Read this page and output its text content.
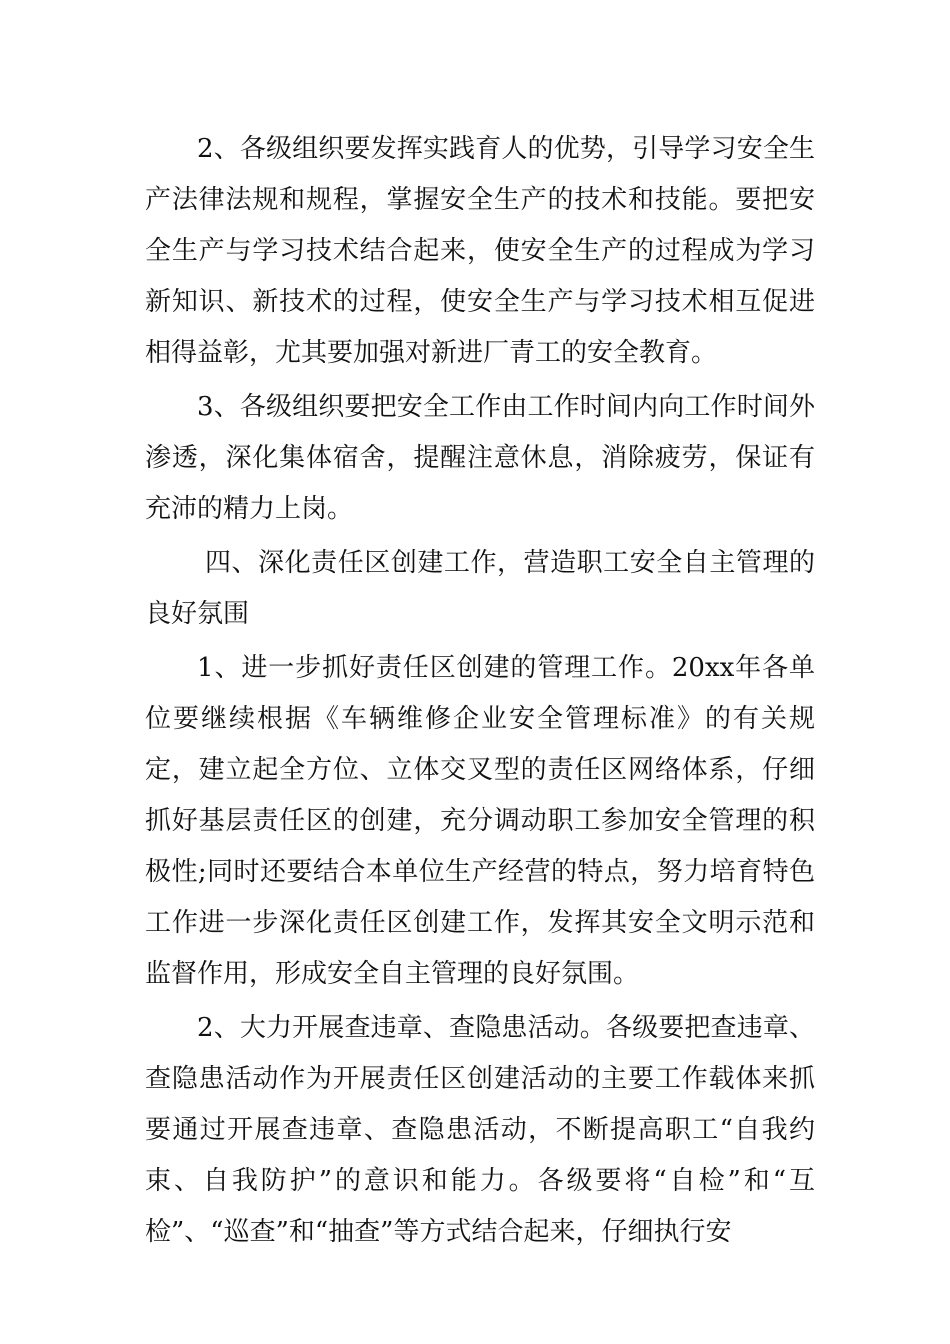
2、各级组织要发挥实践育人的优势，引导学习安全生产法律法规和规程，掌握安全生产的技术和技能。要把安全生产与学习技术结合起来，使安全生产的过程成为学习新知识、新技术的过程，使安全生产与学习技术相互促进相得益彰，尤其要加强对新进厂青工的安全教育。

3、各级组织要把安全工作由工作时间内向工作时间外渗透，深化集体宿舍，提醒注意休息，消除疲劳，保证有充沛的精力上岗。

四、深化责任区创建工作，营造职工安全自主管理的良好氛围

1、进一步抓好责任区创建的管理工作。20xx年各单位要继续根据《车辆维修企业安全管理标准》的有关规定，建立起全方位、立体交叉型的责任区网络体系，仔细抓好基层责任区的创建，充分调动职工参加安全管理的积极性;同时还要结合本单位生产经营的特点，努力培育特色工作进一步深化责任区创建工作，发挥其安全文明示范和监督作用，形成安全自主管理的良好氛围。

2、大力开展查违章、查隐患活动。各级要把查违章、查隐患活动作为开展责任区创建活动的主要工作载体来抓要通过开展查违章、查隐患活动，不断提高职工“自我约束、自我防护”的意识和能力。各级要将“自检”和“互检”、“巡查”和“抽查”等方式结合起来，仔细执行安
